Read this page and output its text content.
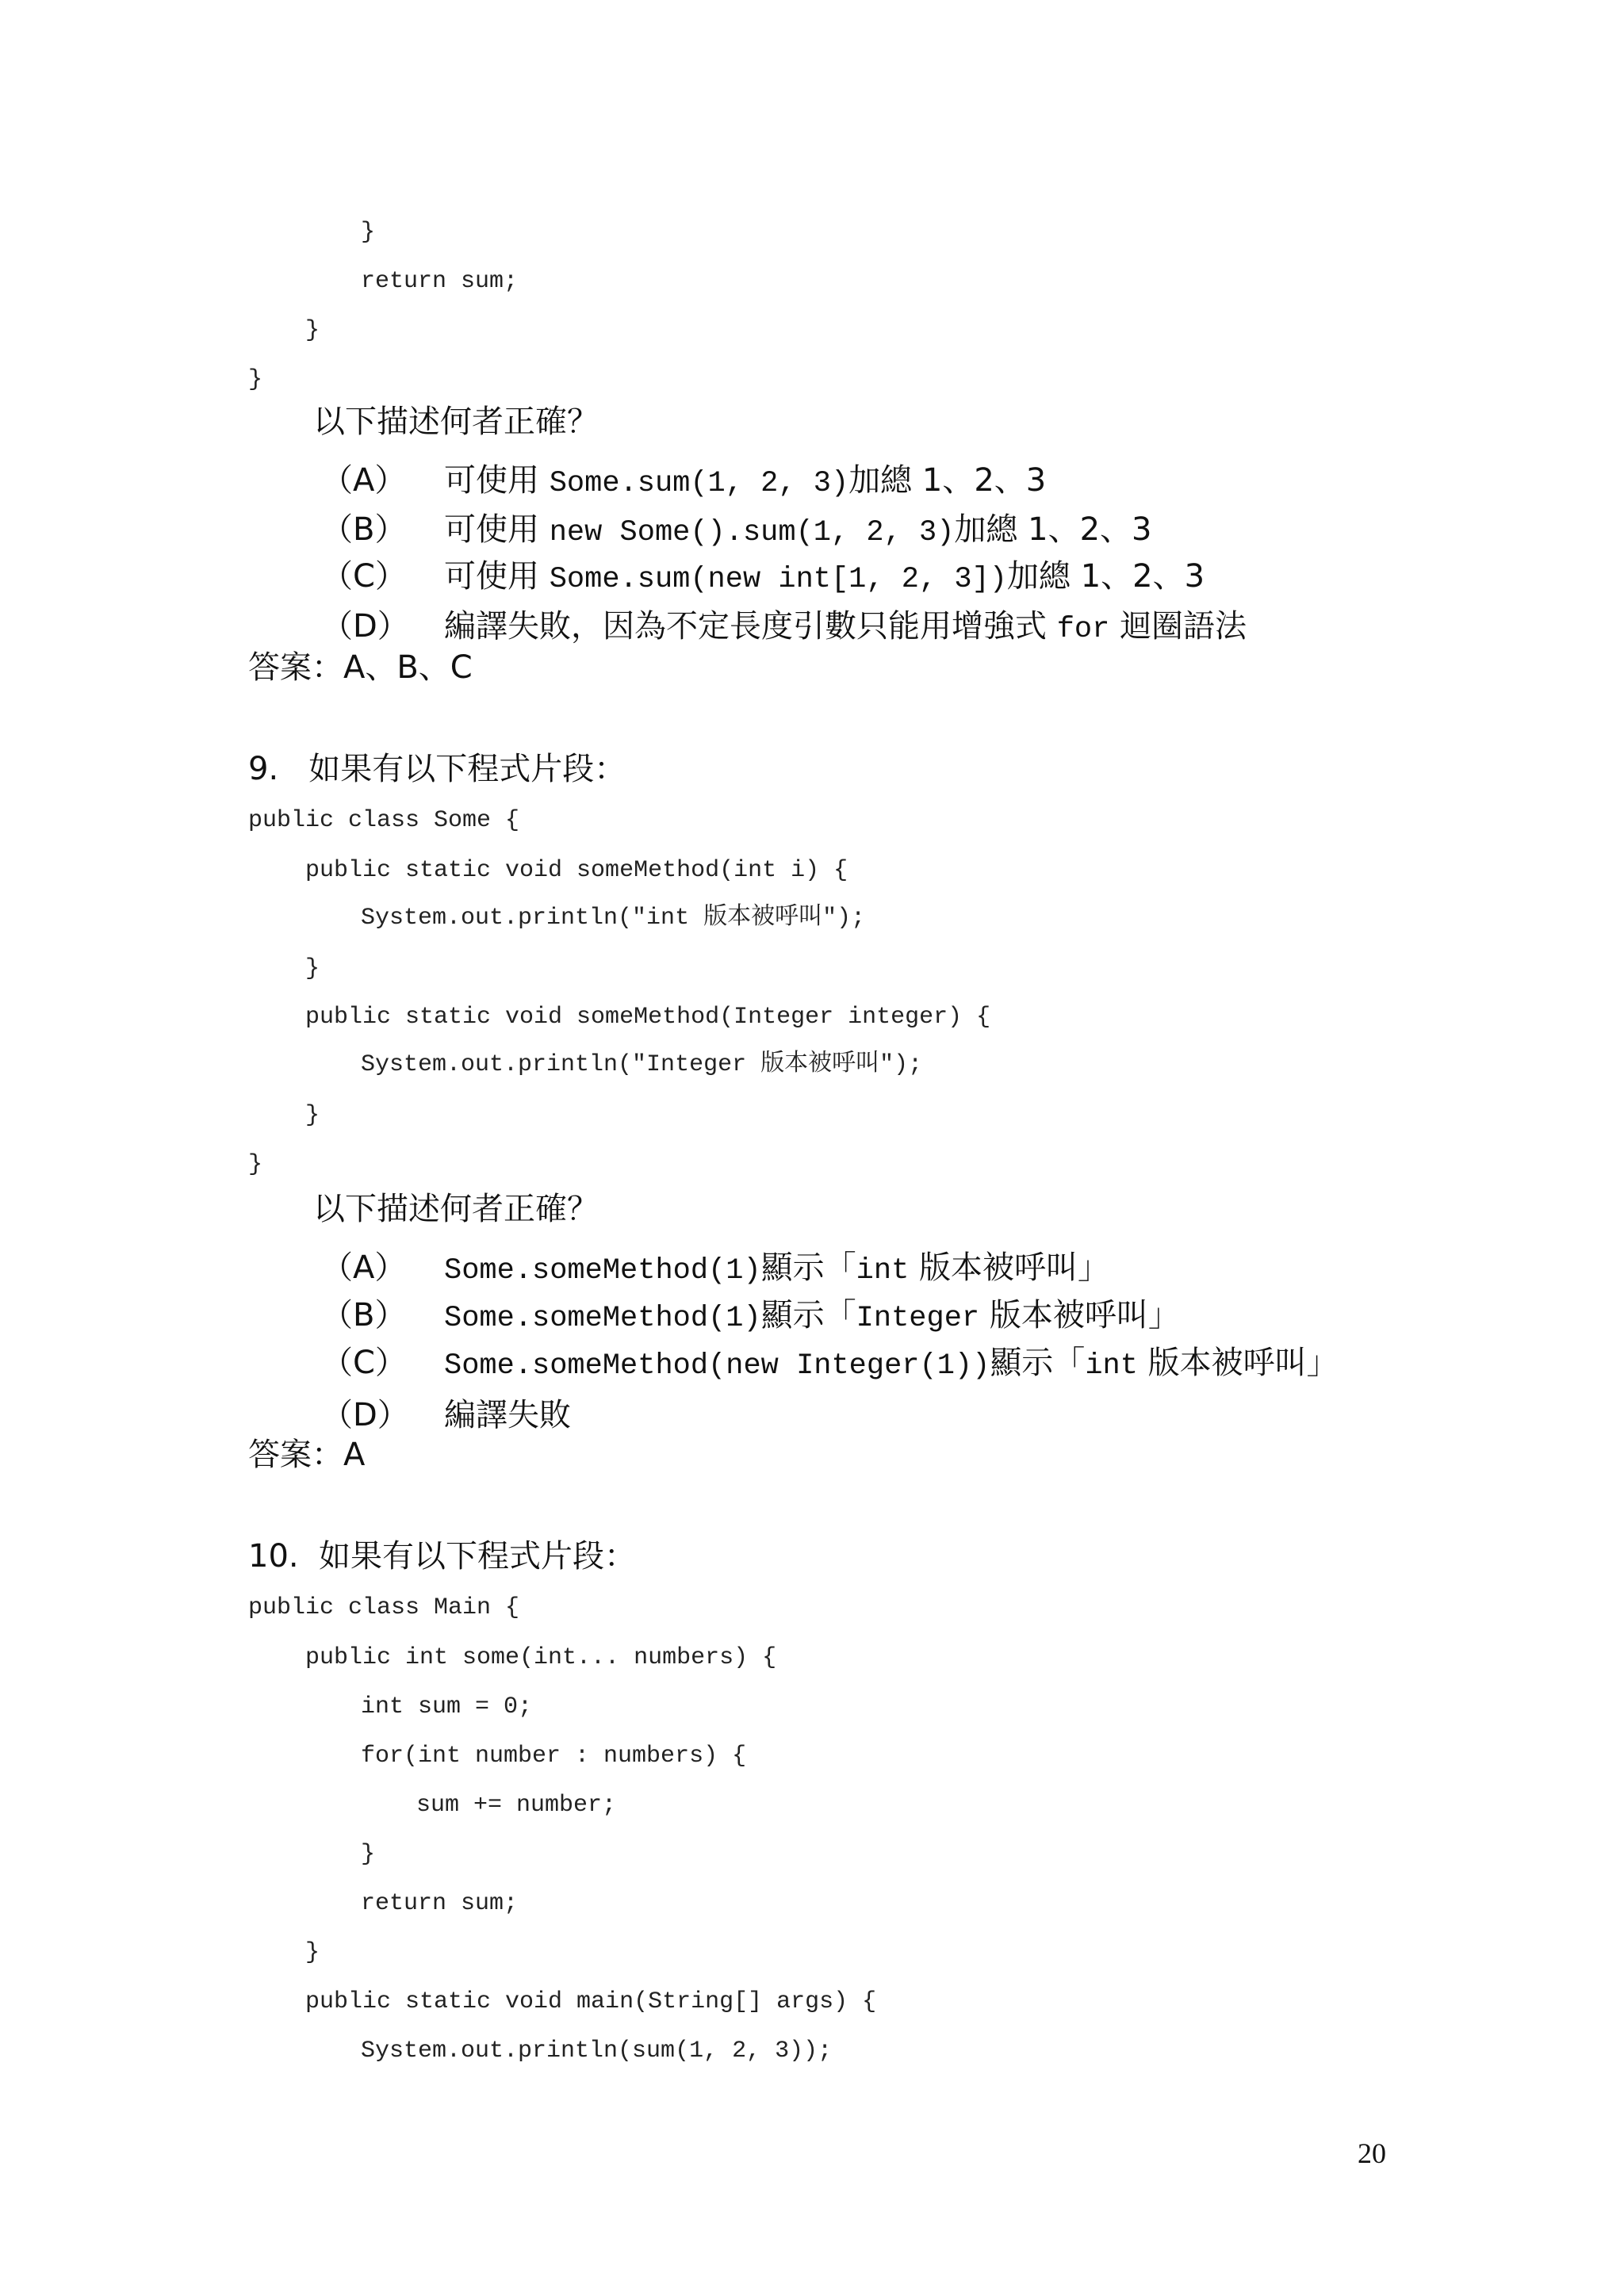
}
return sum;
}
}
以下描述何者正確？
（A） 可使用 Some.sum(1, 2, 3)加總 1、2、3
（B） 可使用 new Some().sum(1, 2, 3)加總 1、2、3
（C） 可使用 Some.sum(new int[1, 2, 3])加總 1、2、3
（D） 編譯失敗，因為不定長度引數只能用增強式 for 迴圈語法
答案：A、B、C
9.   如果有以下程式片段：
public class Some {
public static void someMethod(int i) {
System.out.println("int 版本被呼叫");
}
public static void someMethod(Integer integer) {
System.out.println("Integer 版本被呼叫");
}
}
以下描述何者正確？
（A） Some.someMethod(1)顯示「int 版本被呼叫」
（B） Some.someMethod(1)顯示「Integer 版本被呼叫」
（C） Some.someMethod(new Integer(1))顯示「int 版本被呼叫」
（D） 編譯失敗
答案：A
10.  如果有以下程式片段：
public class Main {
public int some(int... numbers) {
int sum = 0;
for(int number : numbers) {
sum += number;
}
return sum;
}
public static void main(String[] args) {
System.out.println(sum(1, 2, 3));
20
